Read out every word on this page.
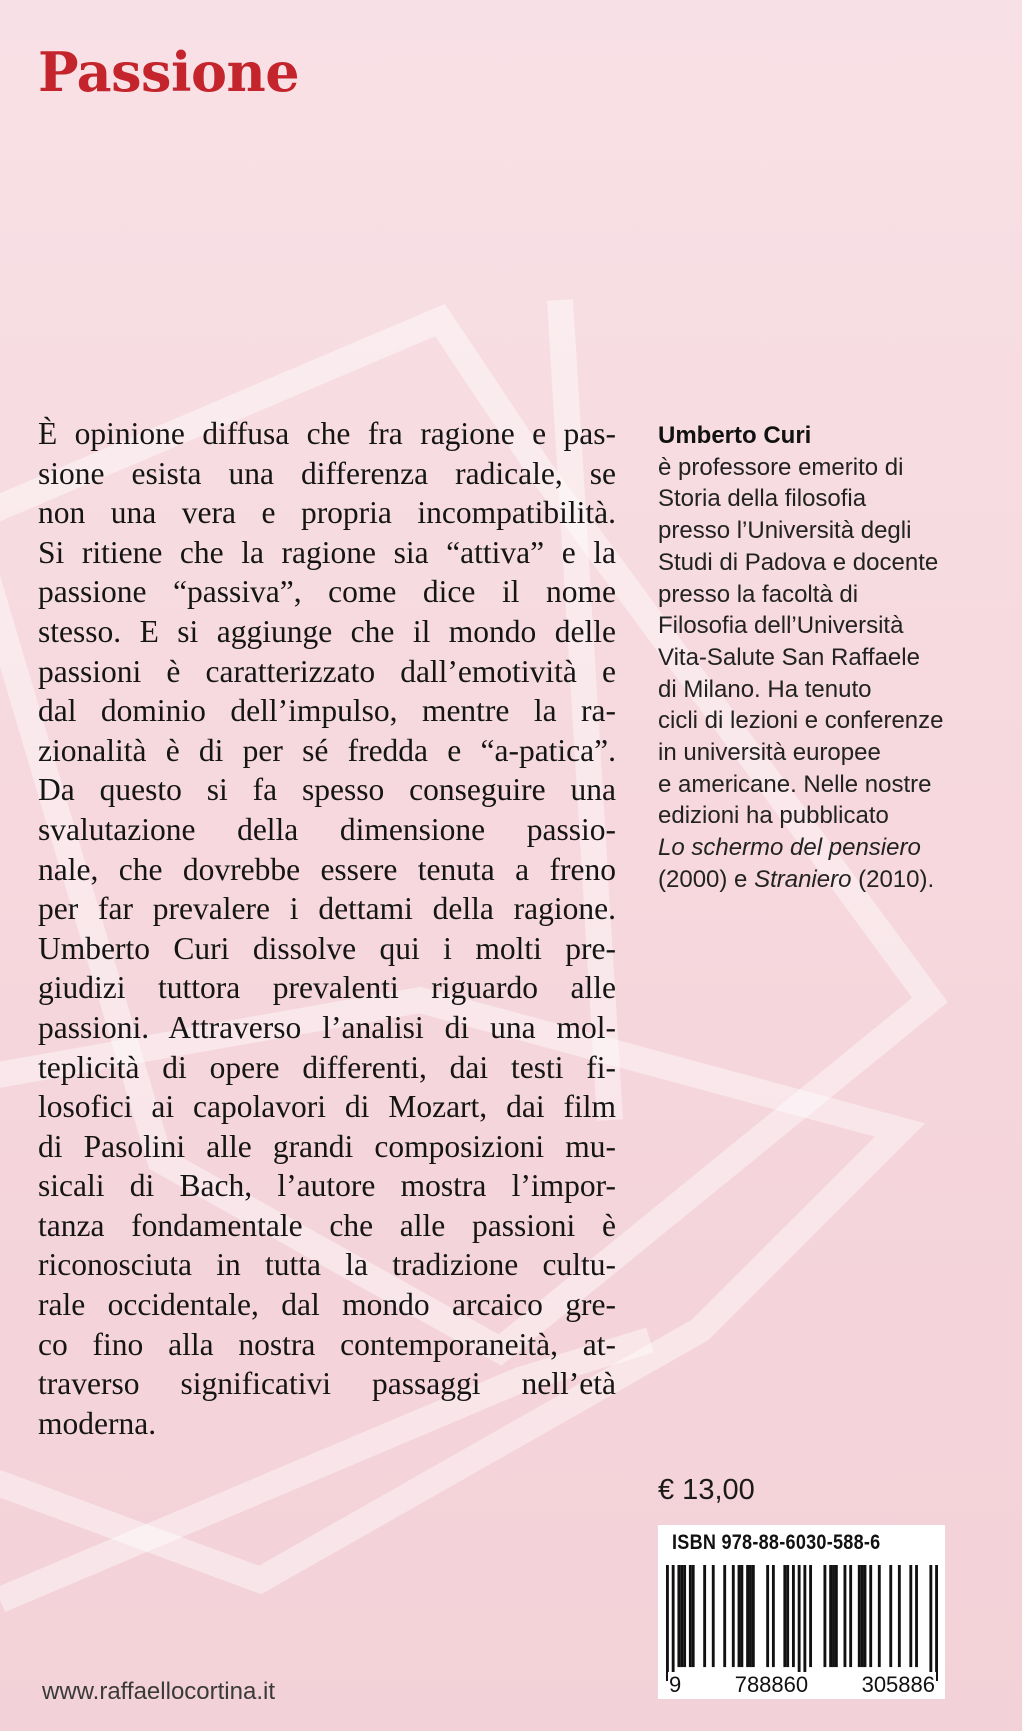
Passione
È opinione diffusa che fra ragione e pas-
sione esista una differenza radicale, se
non una vera e propria incompatibilità.
Si ritiene che la ragione sia “attiva” e la
passione “passiva”, come dice il nome
stesso. E si aggiunge che il mondo delle
passioni è caratterizzato dall’emotività e
dal dominio dell’impulso, mentre la ra-
zionalità è di per sé fredda e “a-patica”.
Da questo si fa spesso conseguire una
svalutazione della dimensione passio-
nale, che dovrebbe essere tenuta a freno
per far prevalere i dettami della ragione.
Umberto Curi dissolve qui i molti pre-
giudizi tuttora prevalenti riguardo alle
passioni. Attraverso l’analisi di una mol-
teplicità di opere differenti, dai testi fi-
losofici ai capolavori di Mozart, dai film
di Pasolini alle grandi composizioni mu-
sicali di Bach, l’autore mostra l’impor-
tanza fondamentale che alle passioni è
riconosciuta in tutta la tradizione cultu-
rale occidentale, dal mondo arcaico gre-
co fino alla nostra contemporaneità, at-
traverso significativi passaggi nell’età
moderna.
Umberto Curi
è professore emerito di
Storia della filosofia
presso l’Università degli
Studi di Padova e docente
presso la facoltà di
Filosofia dell’Università
Vita-Salute San Raffaele
di Milano. Ha tenuto
cicli di lezioni e conferenze
in università europee
e americane. Nelle nostre
edizioni ha pubblicato
Lo schermo del pensiero
(2000) e Straniero (2010).
€ 13,00
ISBN 978-88-6030-588-6
9 788860 305886
www.raffaellocortina.it
